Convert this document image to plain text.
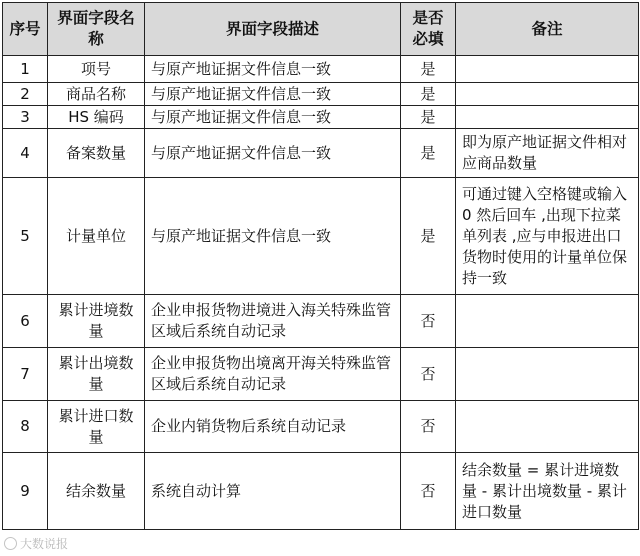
序号	界面字段名称	界面字段描述	是否必填	备注
1	项号	与原产地证据文件信息一致	是	
2	商品名称	与原产地证据文件信息一致	是	
3	HS 编码	与原产地证据文件信息一致	是	
4	备案数量	与原产地证据文件信息一致	是	即为原产地证据文件相对应商品数量
5	计量单位	与原产地证据文件信息一致	是	可通过键入空格键或输入 0 然后回车 ,出现下拉菜单列表 ,应与申报进出口货物时使用的计量单位保持一致
6	累计进境数量	企业申报货物进境进入海关特殊监管区域后系统自动记录	否	
7	累计出境数量	企业申报货物出境离开海关特殊监管区域后系统自动记录	否	
8	累计进口数量	企业内销货物后系统自动记录	否	
9	结余数量	系统自动计算	否	结余数量 = 累计进境数量 - 累计出境数量 - 累计进口数量
大数说报
